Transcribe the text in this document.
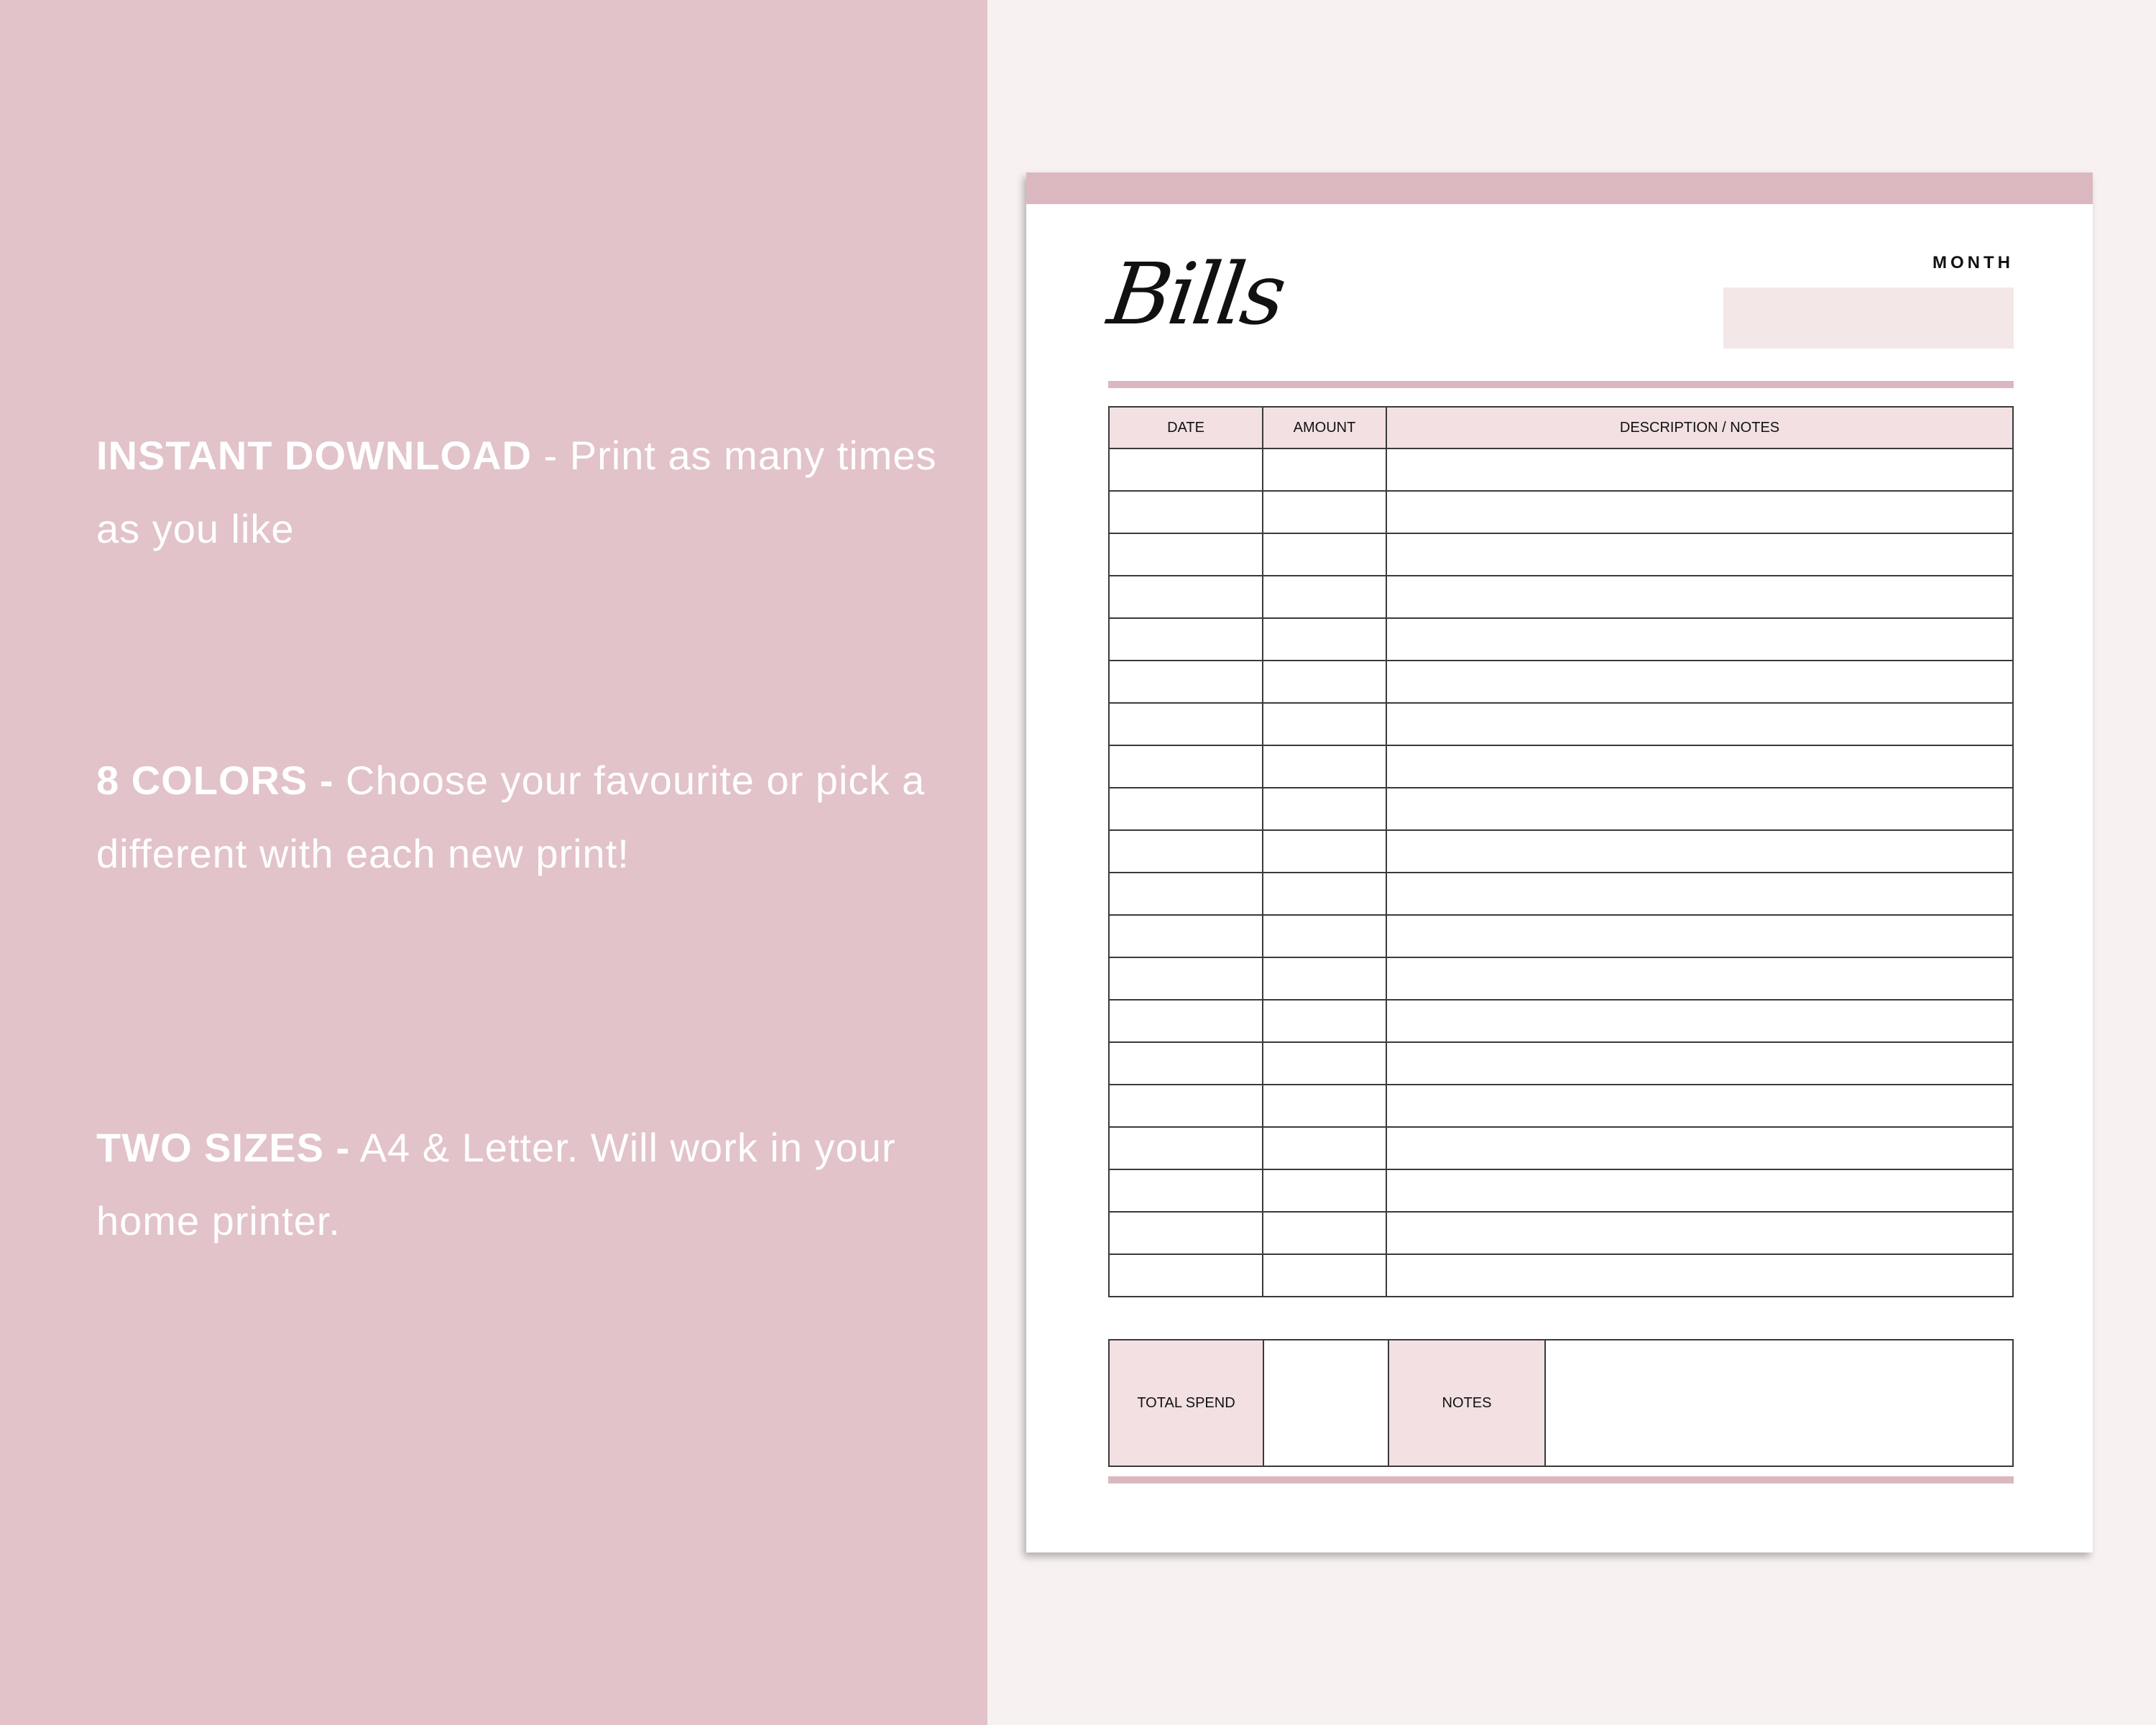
INSTANT DOWNLOAD - Print as many times as you like

8 COLORS - Choose your favourite or pick a different with each new print!

TWO SIZES - A4 & Letter. Will work in your home printer.

Bills	MONTH
DATE	AMOUNT	DESCRIPTION / NOTES

TOTAL SPEND		NOTES	
